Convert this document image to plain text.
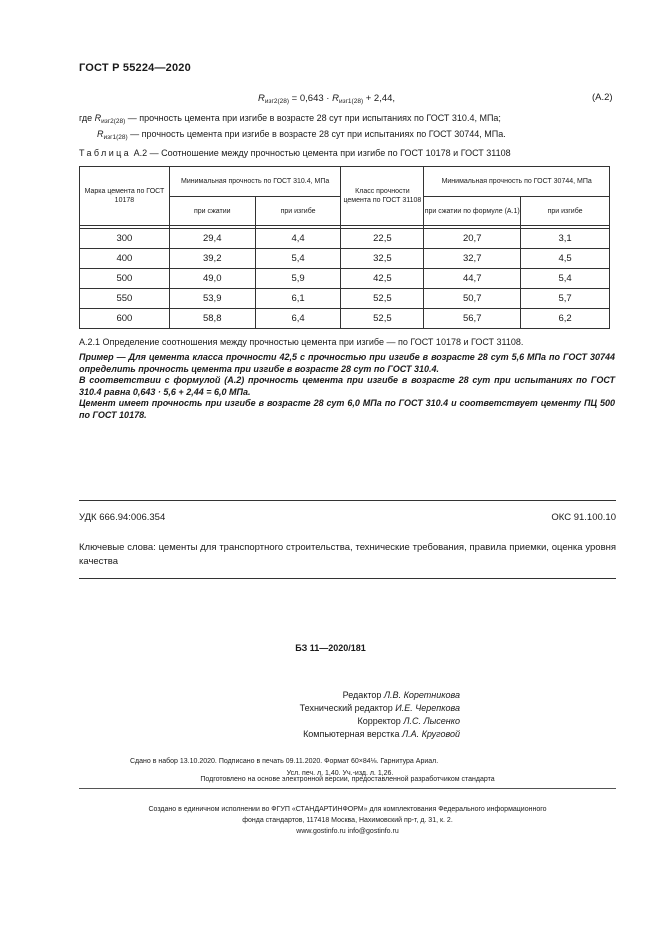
ГОСТ Р 55224—2020
$R_{изг2(28)} = 0,643 \cdot R_{изг1(28)} + 2,44$,	(А.2)
где $R_{изг2(28)}$ — прочность цемента при изгибе в возрасте 28 сут при испытаниях по ГОСТ 310.4, МПа;
$R_{изг1(28)}$ — прочность цемента при изгибе в возрасте 28 сут при испытаниях по ГОСТ 30744, МПа.
Таблица А.2 — Соотношение между прочностью цемента при изгибе по ГОСТ 10178 и ГОСТ 31108
Марка цемента по ГОСТ 10178	Минимальная прочность по ГОСТ 310.4, МПа		Класс прочности цемента по ГОСТ 31108	Минимальная прочность по ГОСТ 30744, МПа	
	при сжатии	при изгибе		при сжатии по формуле (А.1)	при изгибе

300	29,4	4,4	22,5	20,7	3,1
400	39,2	5,4	32,5	32,7	4,5
500	49,0	5,9	42,5	44,7	5,4
550	53,9	6,1	52,5	50,7	5,7
600	58,8	6,4	52,5	56,7	6,2
А.2.1 Определение соотношения между прочностью цемента при изгибе — по ГОСТ 10178 и ГОСТ 31108.

Пример — Для цемента класса прочности 42,5 с прочностью при изгибе в возрасте 28 сут 5,6 МПа по ГОСТ 30744 определить прочность цемента при изгибе в возрасте 28 сут по ГОСТ 310.4.

В соответствии с формулой (А.2) прочность цемента при изгибе в возрасте 28 сут при испытаниях по ГОСТ 310.4 равна 0,643 · 5,6 + 2,44 = 6,0 МПа.

Цемент имеет прочность при изгибе в возрасте 28 сут 6,0 МПа по ГОСТ 310.4 и соответствует цементу ПЦ 500 по ГОСТ 10178.

УДК 666.94:006.354	ОКС 91.100.10
Ключевые слова: цементы для транспортного строительства, технические требования, правила приемки, оценка уровня качества
БЗ 11—2020/181
Редактор Л.В. Коретникова
Технический редактор И.Е. Черепкова
Корректор Л.С. Лысенко
Компьютерная верстка Л.А. Круговой
Сдано в набор 13.10.2020. Подписано в печать 09.11.2020. Формат 60×84⅛. Гарнитура Ариал.
Усл. печ. л. 1,40. Уч.-изд. л. 1,26.
Подготовлено на основе электронной версии, предоставленной разработчиком стандарта
Создано в единичном исполнении во ФГУП «СТАНДАРТИНФОРМ» для комплектования Федерального информационного
фонда стандартов, 117418 Москва, Нахимовский пр-т, д. 31, к. 2.
www.gostinfo.ru info@gostinfo.ru
